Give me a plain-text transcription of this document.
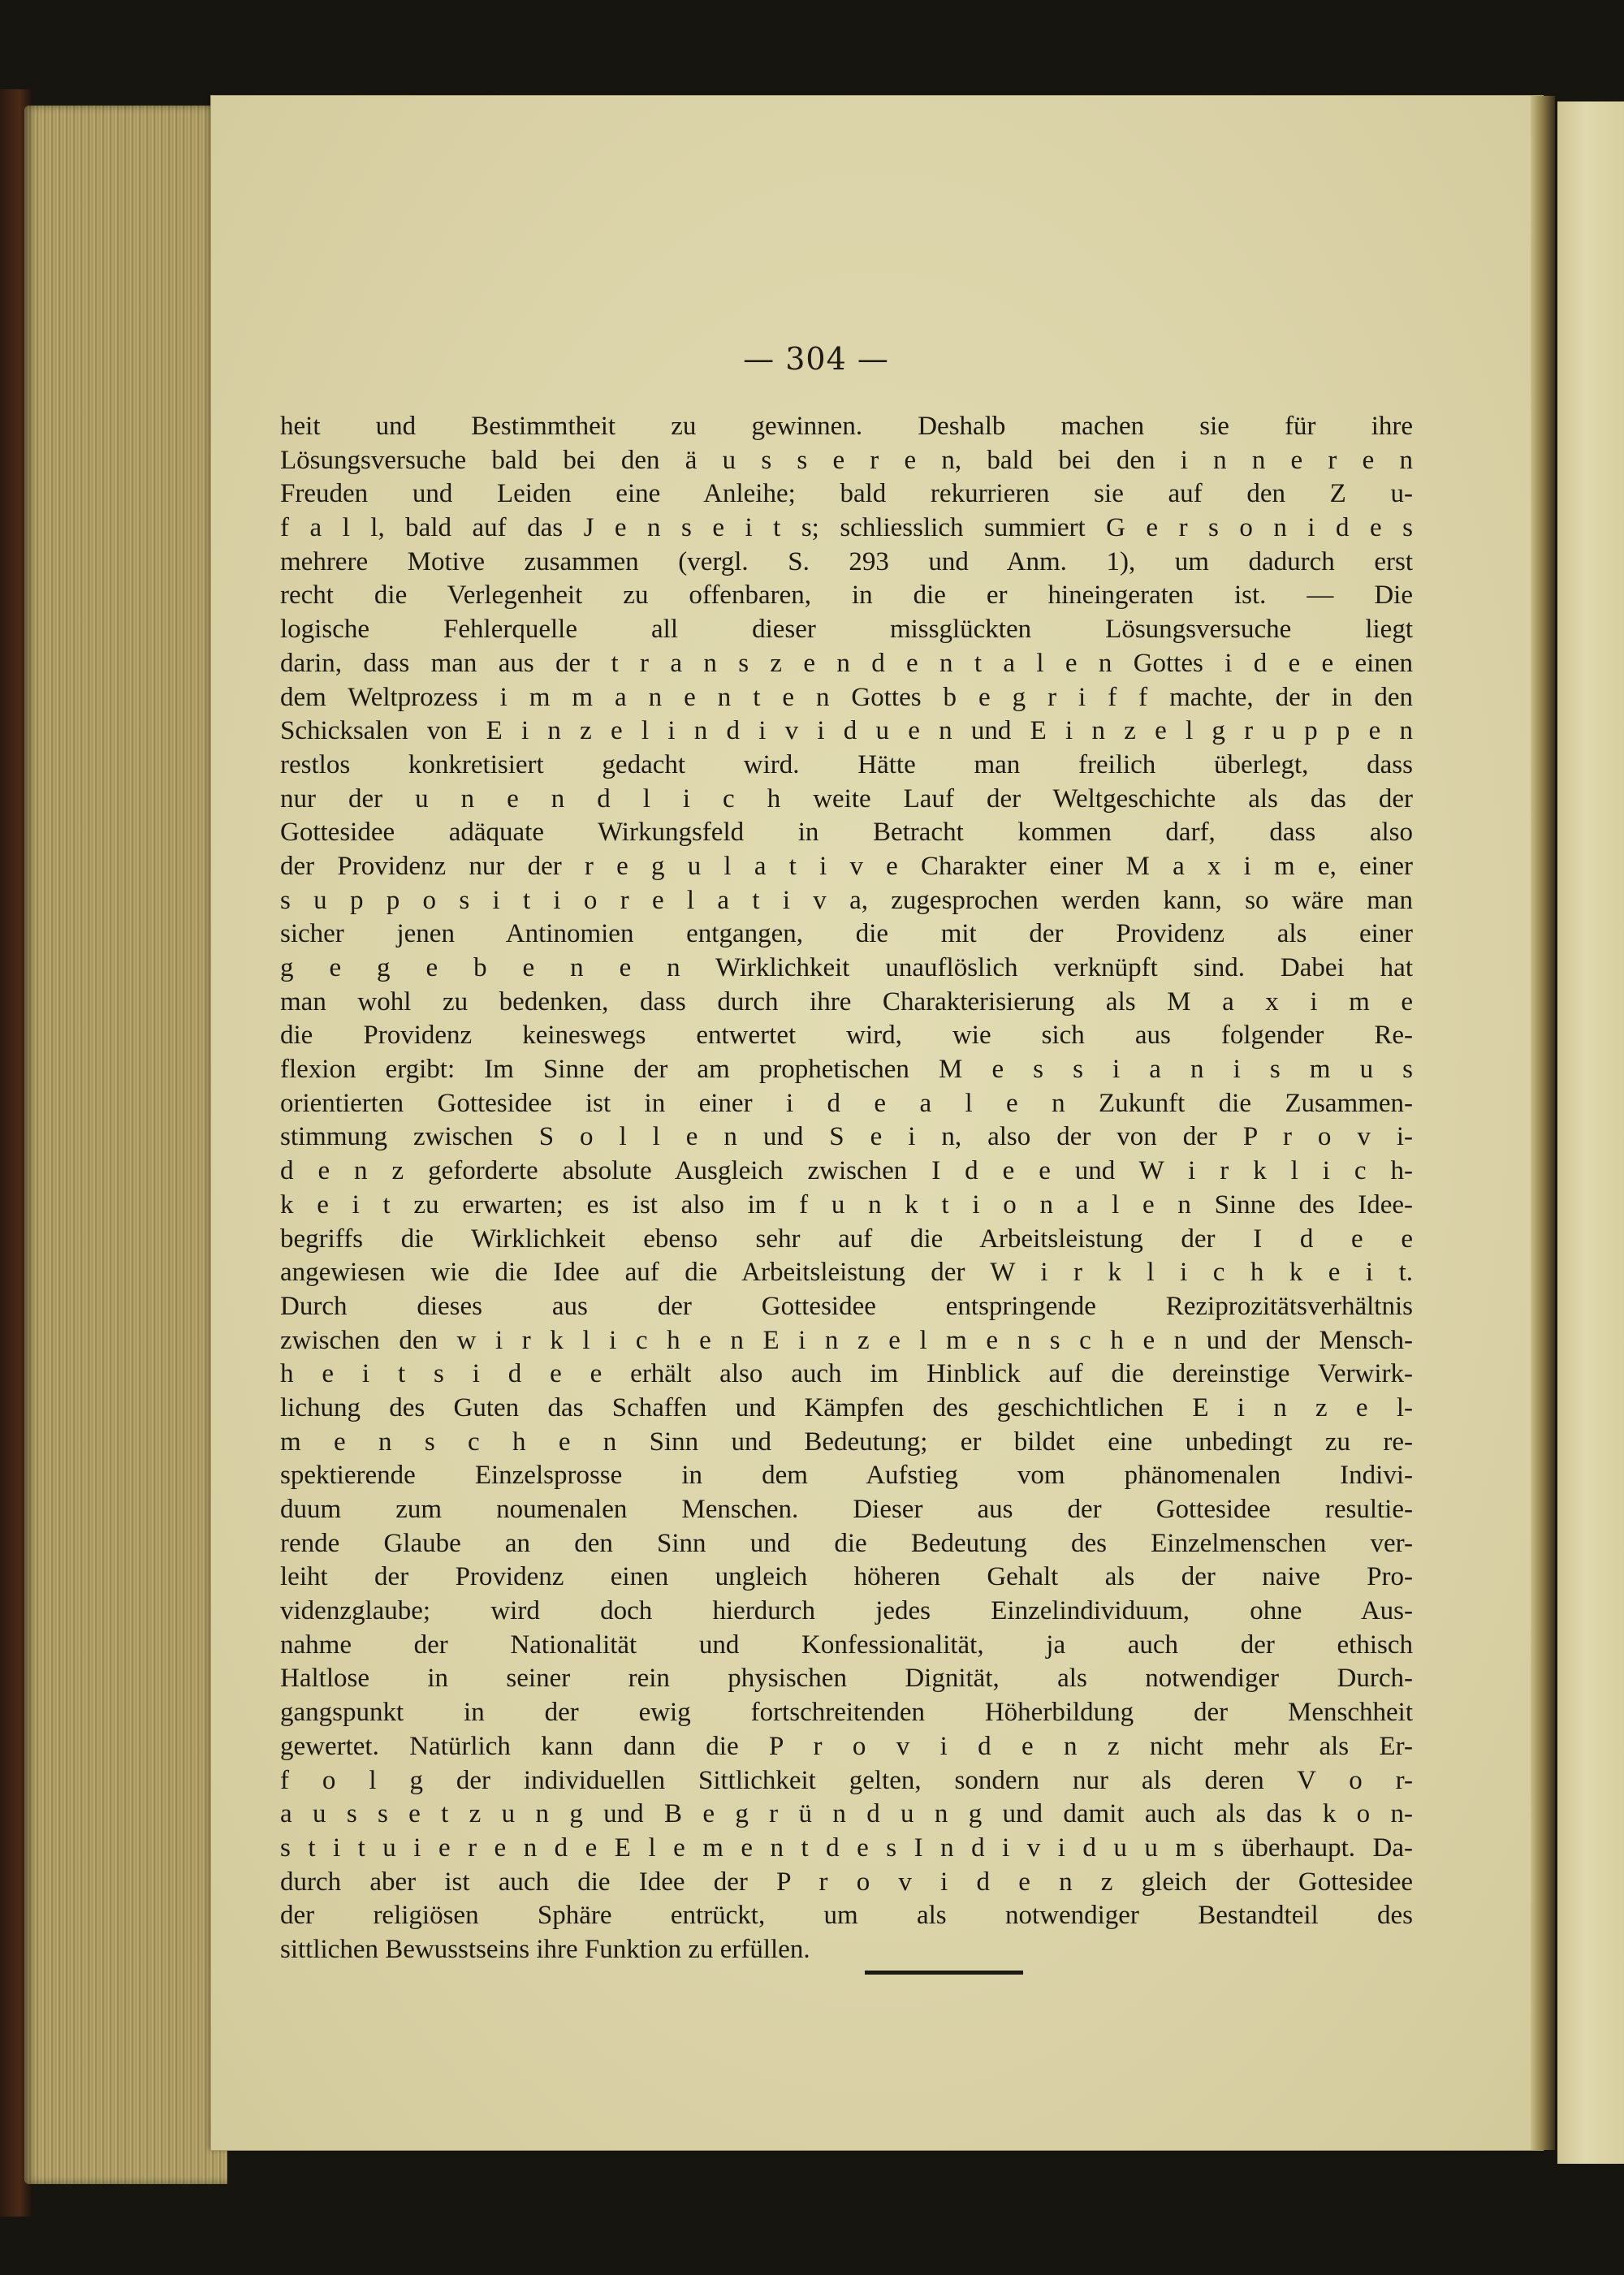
— 304 —
heit und Bestimmtheit zu gewinnen. Deshalb machen sie für ihre
Lösungsversuche bald bei den ä u s s e r e n, bald bei den i n n e r e n
Freuden und Leiden eine Anleihe; bald rekurrieren sie auf den Z u-
f a l l, bald auf das J e n s e i t s; schliesslich summiert G e r s o n i d e s
mehrere Motive zusammen (vergl. S. 293 und Anm. 1), um dadurch erst
recht die Verlegenheit zu offenbaren, in die er hineingeraten ist. — Die
logische Fehlerquelle all dieser missglückten Lösungsversuche liegt
darin, dass man aus der t r a n s z e n d e n t a l e n Gottes i d e e einen
dem Weltprozess i m m a n e n t e n Gottes b e g r i f f machte, der in den
Schicksalen von E i n z e l i n d i v i d u e n und E i n z e l g r u p p e n
restlos konkretisiert gedacht wird. Hätte man freilich überlegt, dass
nur der u n e n d l i c h weite Lauf der Weltgeschichte als das der
Gottesidee adäquate Wirkungsfeld in Betracht kommen darf, dass also
der Providenz nur der r e g u l a t i v e Charakter einer M a x i m e, einer
s u p p o s i t i o r e l a t i v a, zugesprochen werden kann, so wäre man
sicher jenen Antinomien entgangen, die mit der Providenz als einer
g e g e b e n e n Wirklichkeit unauflöslich verknüpft sind. Dabei hat
man wohl zu bedenken, dass durch ihre Charakterisierung als M a x i m e
die Providenz keineswegs entwertet wird, wie sich aus folgender Re-
flexion ergibt: Im Sinne der am prophetischen M e s s i a n i s m u s
orientierten Gottesidee ist in einer i d e a l e n Zukunft die Zusammen-
stimmung zwischen S o l l e n und S e i n, also der von der P r o v i-
d e n z geforderte absolute Ausgleich zwischen I d e e und W i r k l i c h-
k e i t zu erwarten; es ist also im f u n k t i o n a l e n Sinne des Idee-
begriffs die Wirklichkeit ebenso sehr auf die Arbeitsleistung der I d e e
angewiesen wie die Idee auf die Arbeitsleistung der W i r k l i c h k e i t.
Durch dieses aus der Gottesidee entspringende Reziprozitätsverhältnis
zwischen den w i r k l i c h e n E i n z e l m e n s c h e n und der Mensch-
h e i t s i d e e erhält also auch im Hinblick auf die dereinstige Verwirk-
lichung des Guten das Schaffen und Kämpfen des geschichtlichen E i n z e l-
m e n s c h e n Sinn und Bedeutung; er bildet eine unbedingt zu re-
spektierende Einzelsprosse in dem Aufstieg vom phänomenalen Indivi-
duum zum noumenalen Menschen. Dieser aus der Gottesidee resultie-
rende Glaube an den Sinn und die Bedeutung des Einzelmenschen ver-
leiht der Providenz einen ungleich höheren Gehalt als der naive Pro-
videnzglaube; wird doch hierdurch jedes Einzelindividuum, ohne Aus-
nahme der Nationalität und Konfessionalität, ja auch der ethisch
Haltlose in seiner rein physischen Dignität, als notwendiger Durch-
gangspunkt in der ewig fortschreitenden Höherbildung der Menschheit
gewertet. Natürlich kann dann die P r o v i d e n z nicht mehr als Er-
f o l g der individuellen Sittlichkeit gelten, sondern nur als deren V o r-
a u s s e t z u n g und B e g r ü n d u n g und damit auch als das k o n-
s t i t u i e r e n d e E l e m e n t d e s I n d i v i d u u m s überhaupt. Da-
durch aber ist auch die Idee der P r o v i d e n z gleich der Gottesidee
der religiösen Sphäre entrückt, um als notwendiger Bestandteil des
sittlichen Bewusstseins ihre Funktion zu erfüllen.
